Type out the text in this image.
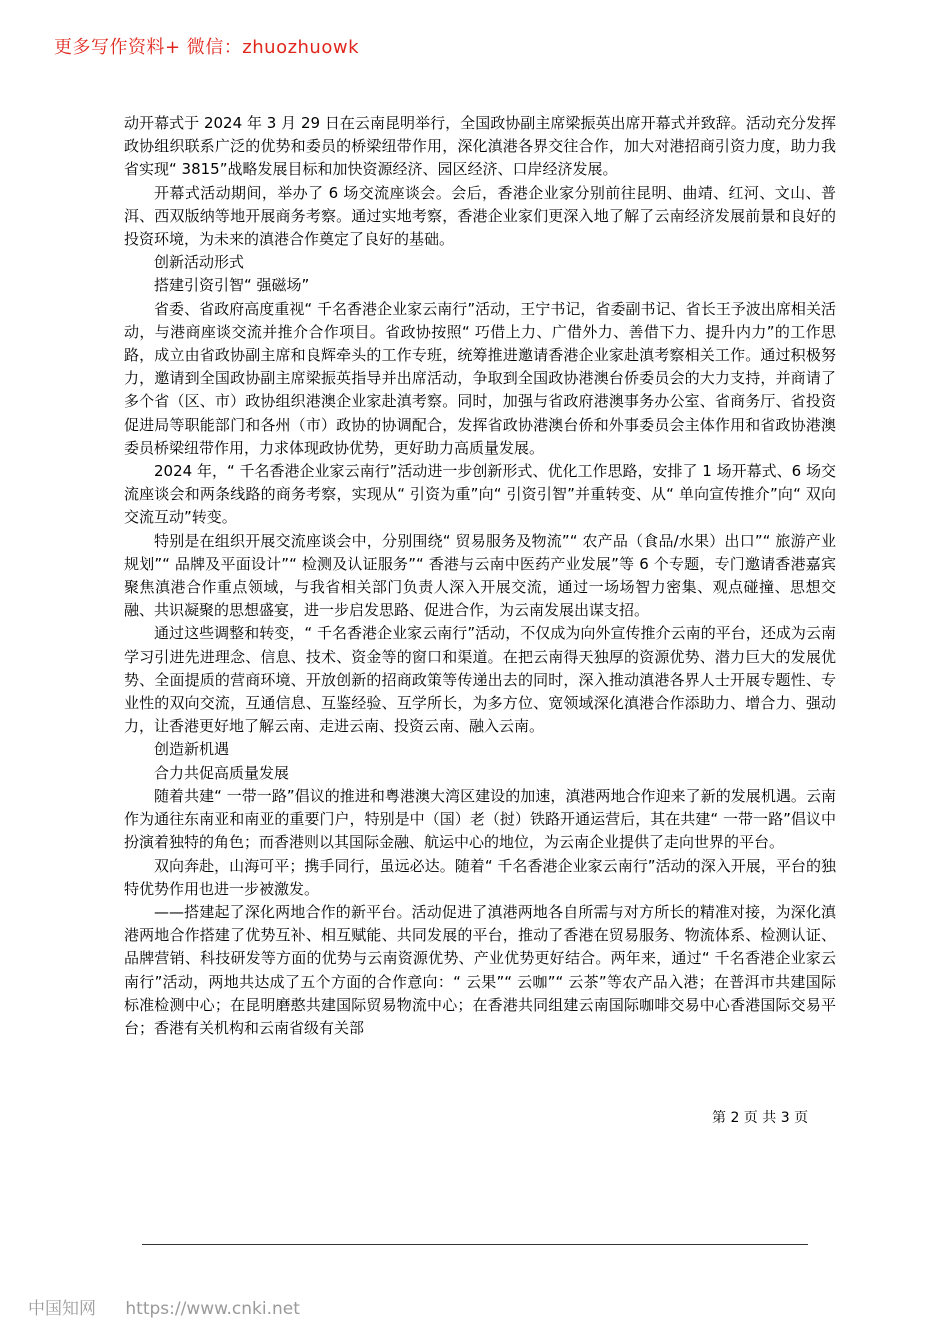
更多写作资料+ 微信：zhuozhuowk

动开幕式于 2024 年 3 月 29 日在云南昆明举行，全国政协副主席梁振英出席开幕式并致辞。活动充分发挥政协组织联系广泛的优势和委员的桥梁纽带作用，深化滇港各界交往合作，加大对港招商引资力度，助力我省实现“ 3815”战略发展目标和加快资源经济、园区经济、口岸经济发展。

开幕式活动期间，举办了 6 场交流座谈会。会后，香港企业家分别前往昆明、曲靖、红河、文山、普洱、西双版纳等地开展商务考察。通过实地考察，香港企业家们更深入地了解了云南经济发展前景和良好的投资环境，为未来的滇港合作奠定了良好的基础。

创新活动形式

搭建引资引智“ 强磁场”

省委、省政府高度重视“ 千名香港企业家云南行”活动，王宁书记，省委副书记、省长王予波出席相关活动，与港商座谈交流并推介合作项目。省政协按照“ 巧借上力、广借外力、善借下力、提升内力”的工作思路，成立由省政协副主席和良辉牵头的工作专班，统筹推进邀请香港企业家赴滇考察相关工作。通过积极努力，邀请到全国政协副主席梁振英指导并出席活动，争取到全国政协港澳台侨委员会的大力支持，并商请了多个省（区、市）政协组织港澳企业家赴滇考察。同时，加强与省政府港澳事务办公室、省商务厅、省投资促进局等职能部门和各州（市）政协的协调配合，发挥省政协港澳台侨和外事委员会主体作用和省政协港澳委员桥梁纽带作用，力求体现政协优势，更好助力高质量发展。

2024 年，“ 千名香港企业家云南行”活动进一步创新形式、优化工作思路，安排了 1 场开幕式、6 场交流座谈会和两条线路的商务考察，实现从“ 引资为重”向“ 引资引智”并重转变、从“ 单向宣传推介”向“ 双向交流互动”转变。

特别是在组织开展交流座谈会中，分别围绕“ 贸易服务及物流”“ 农产品（食品/水果）出口”“ 旅游产业规划”“ 品牌及平面设计”“ 检测及认证服务”“ 香港与云南中医药产业发展”等 6 个专题，专门邀请香港嘉宾聚焦滇港合作重点领域，与我省相关部门负责人深入开展交流，通过一场场智力密集、观点碰撞、思想交融、共识凝聚的思想盛宴，进一步启发思路、促进合作，为云南发展出谋支招。

通过这些调整和转变，“ 千名香港企业家云南行”活动，不仅成为向外宣传推介云南的平台，还成为云南学习引进先进理念、信息、技术、资金等的窗口和渠道。在把云南得天独厚的资源优势、潜力巨大的发展优势、全面提质的营商环境、开放创新的招商政策等传递出去的同时，深入推动滇港各界人士开展专题性、专业性的双向交流，互通信息、互鉴经验、互学所长，为多方位、宽领域深化滇港合作添助力、增合力、强动力，让香港更好地了解云南、走进云南、投资云南、融入云南。

创造新机遇

合力共促高质量发展

随着共建“ 一带一路”倡议的推进和粤港澳大湾区建设的加速，滇港两地合作迎来了新的发展机遇。云南作为通往东南亚和南亚的重要门户，特别是中（国）老（挝）铁路开通运营后，其在共建“ 一带一路”倡议中扮演着独特的角色；而香港则以其国际金融、航运中心的地位，为云南企业提供了走向世界的平台。

双向奔赴，山海可平；携手同行，虽远必达。随着“ 千名香港企业家云南行”活动的深入开展，平台的独特优势作用也进一步被激发。

——搭建起了深化两地合作的新平台。活动促进了滇港两地各自所需与对方所长的精准对接，为深化滇港两地合作搭建了优势互补、相互赋能、共同发展的平台，推动了香港在贸易服务、物流体系、检测认证、品牌营销、科技研发等方面的优势与云南资源优势、产业优势更好结合。两年来，通过“ 千名香港企业家云南行”活动，两地共达成了五个方面的合作意向：“ 云果”“ 云咖”“ 云茶”等农产品入港；在普洱市共建国际标准检测中心；在昆明磨憨共建国际贸易物流中心；在香港共同组建云南国际咖啡交易中心香港国际交易平台；香港有关机构和云南省级有关部

第 2 页 共 3 页
中国知网 https://www.cnki.net
